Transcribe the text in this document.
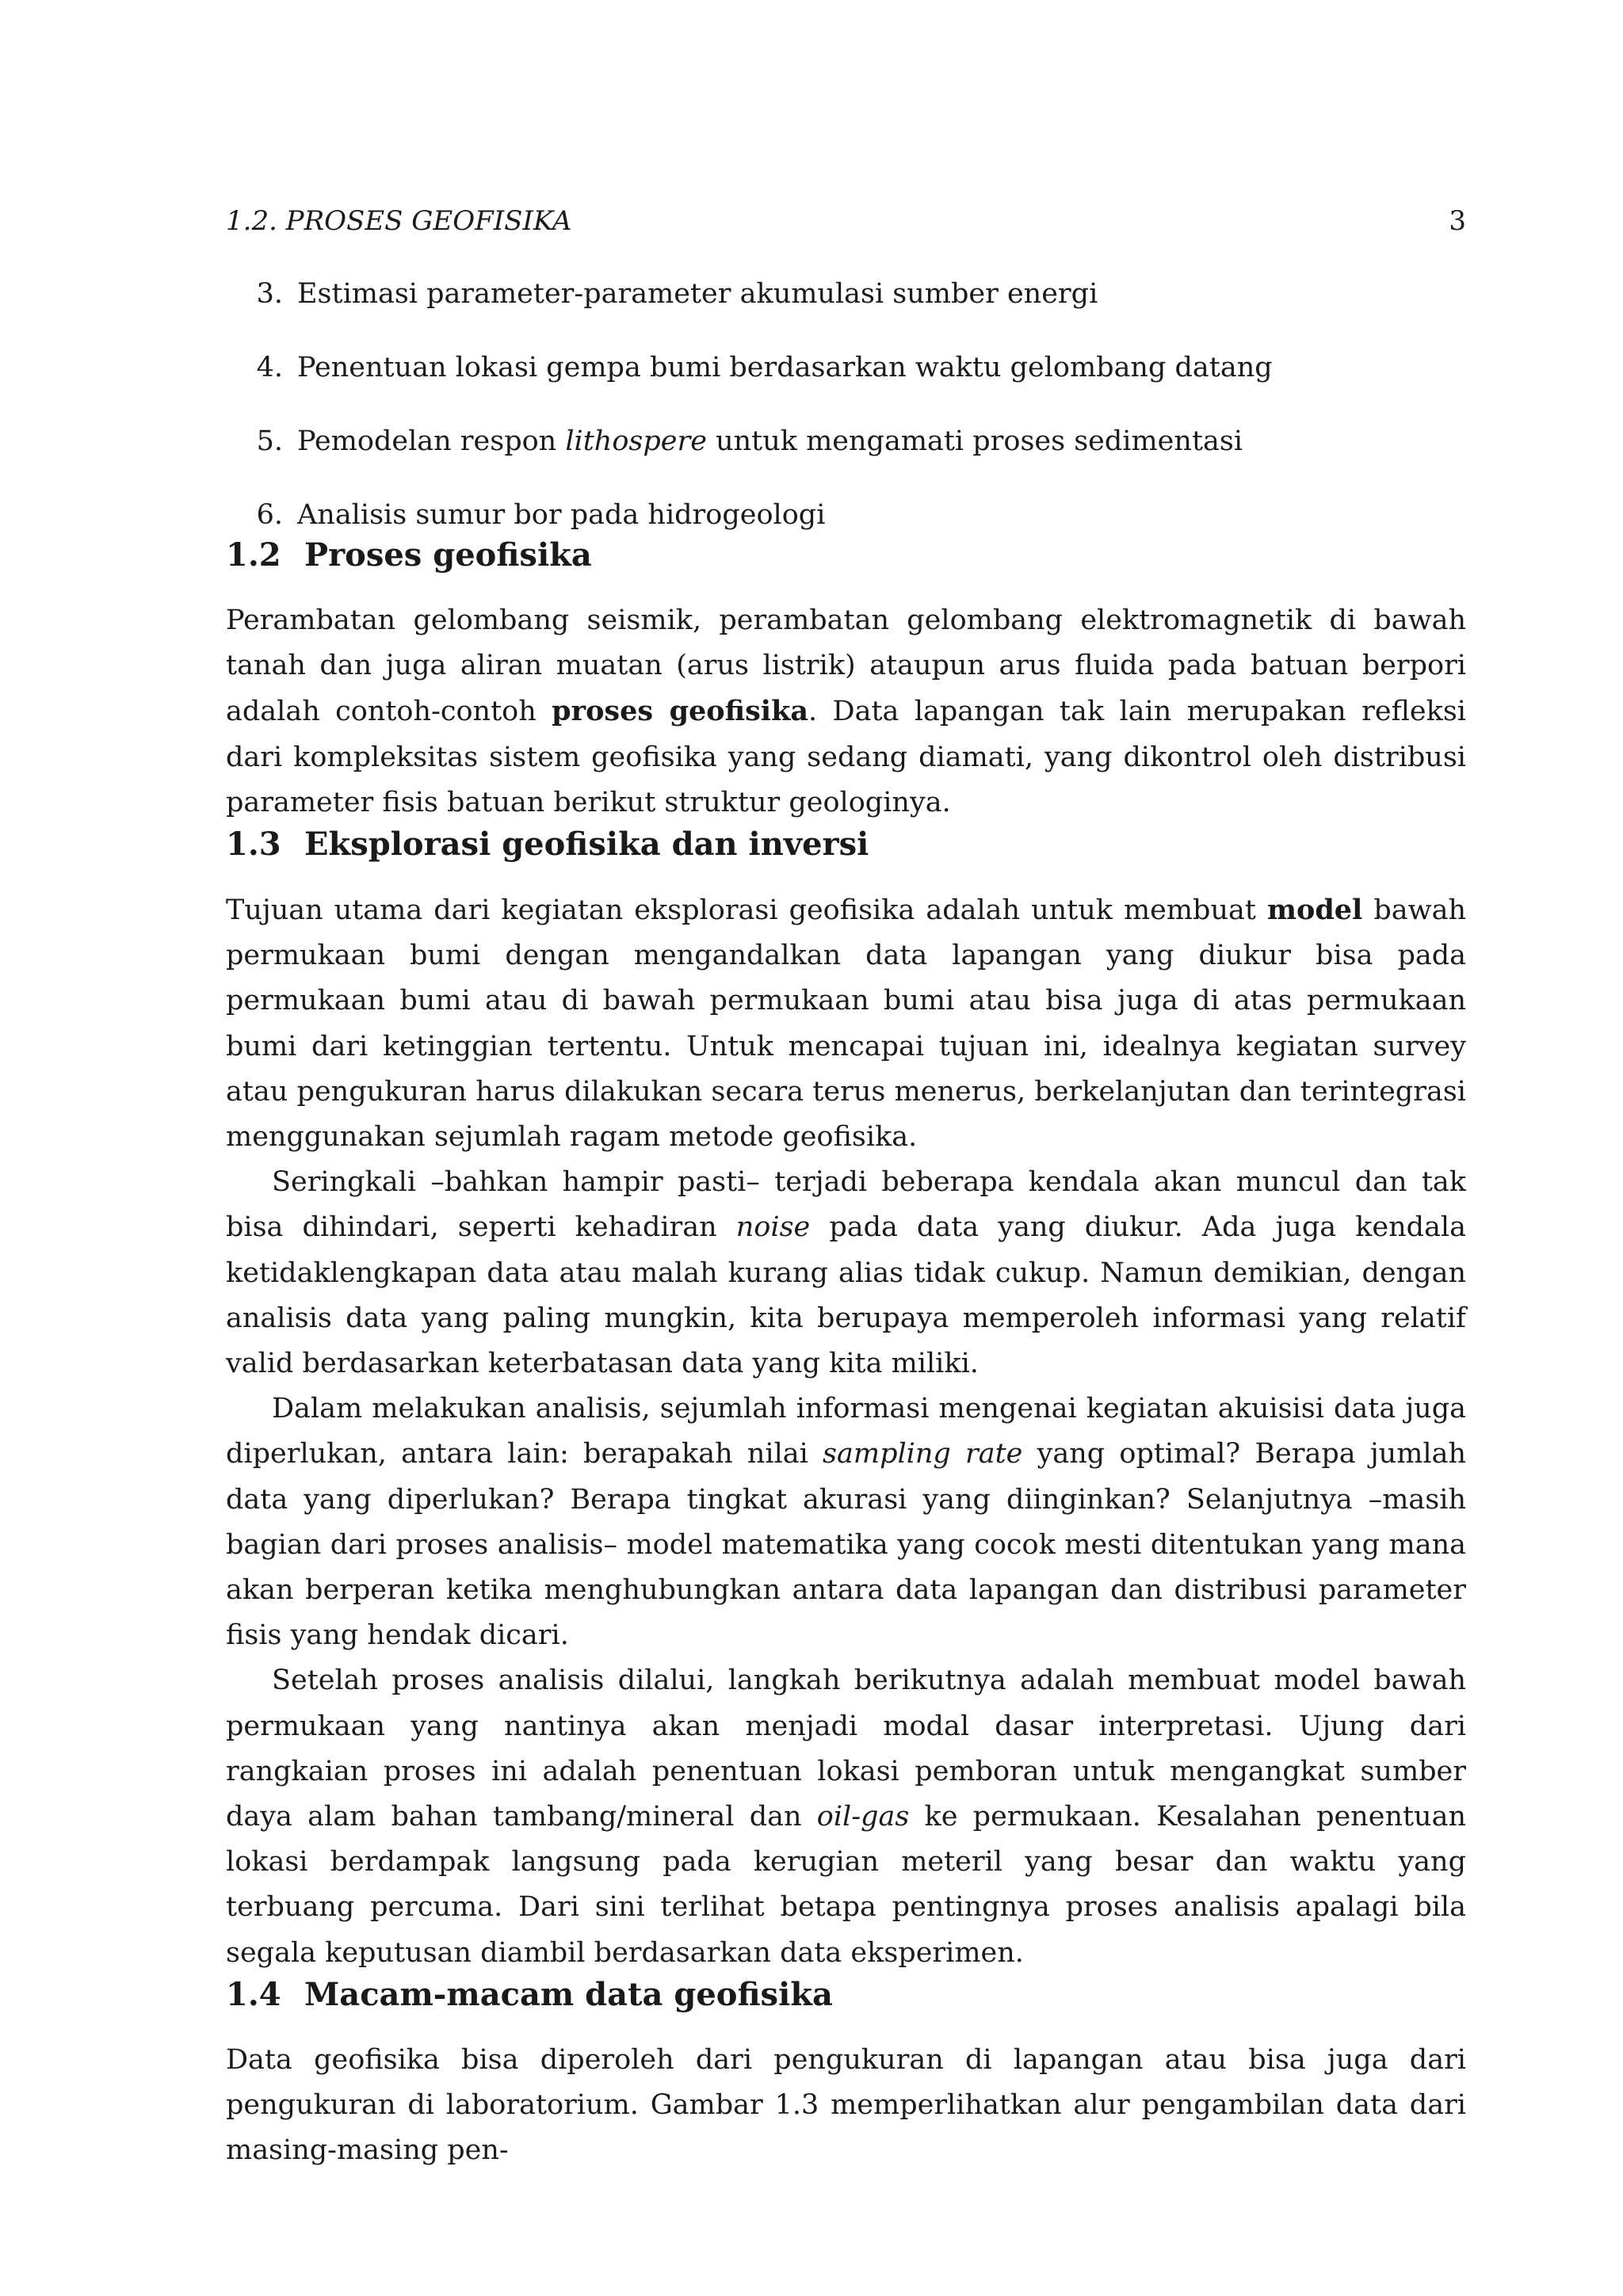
1.2. PROSES GEOFISIKA	3
3. Estimasi parameter-parameter akumulasi sumber energi
4. Penentuan lokasi gempa bumi berdasarkan waktu gelombang datang
5. Pemodelan respon lithospere untuk mengamati proses sedimentasi
6. Analisis sumur bor pada hidrogeologi
1.2 Proses geofisika

Perambatan gelombang seismik, perambatan gelombang elektromagnetik di bawah tanah dan juga aliran muatan (arus listrik) ataupun arus fluida pada batuan berpori adalah contoh-contoh proses geofisika. Data lapangan tak lain merupakan refleksi dari kompleksitas sistem geofisika yang sedang diamati, yang dikontrol oleh distribusi parameter fisis batuan berikut struktur geologinya.

1.3 Eksplorasi geofisika dan inversi

Tujuan utama dari kegiatan eksplorasi geofisika adalah untuk membuat model bawah permukaan bumi dengan mengandalkan data lapangan yang diukur bisa pada permukaan bumi atau di bawah permukaan bumi atau bisa juga di atas permukaan bumi dari ketinggian tertentu. Untuk mencapai tujuan ini, idealnya kegiatan survey atau pengukuran harus dilakukan secara terus menerus, berkelanjutan dan terintegrasi menggunakan sejumlah ragam metode geofisika.

Seringkali –bahkan hampir pasti– terjadi beberapa kendala akan muncul dan tak bisa dihindari, seperti kehadiran noise pada data yang diukur. Ada juga kendala ketidaklengkapan data atau malah kurang alias tidak cukup. Namun demikian, dengan analisis data yang paling mungkin, kita berupaya memperoleh informasi yang relatif valid berdasarkan keterbatasan data yang kita miliki.

Dalam melakukan analisis, sejumlah informasi mengenai kegiatan akuisisi data juga diperlukan, antara lain: berapakah nilai sampling rate yang optimal? Berapa jumlah data yang diperlukan? Berapa tingkat akurasi yang diinginkan? Selanjutnya –masih bagian dari proses analisis– model matematika yang cocok mesti ditentukan yang mana akan berperan ketika menghubungkan antara data lapangan dan distribusi parameter fisis yang hendak dicari.

Setelah proses analisis dilalui, langkah berikutnya adalah membuat model bawah permukaan yang nantinya akan menjadi modal dasar interpretasi. Ujung dari rangkaian proses ini adalah penentuan lokasi pemboran untuk mengangkat sumber daya alam bahan tambang/mineral dan oil-gas ke permukaan. Kesalahan penentuan lokasi berdampak langsung pada kerugian meteril yang besar dan waktu yang terbuang percuma. Dari sini terlihat betapa pentingnya proses analisis apalagi bila segala keputusan diambil berdasarkan data eksperimen.

1.4 Macam-macam data geofisika

Data geofisika bisa diperoleh dari pengukuran di lapangan atau bisa juga dari pengukuran di laboratorium. Gambar 1.3 memperlihatkan alur pengambilan data dari masing-masing pen-
